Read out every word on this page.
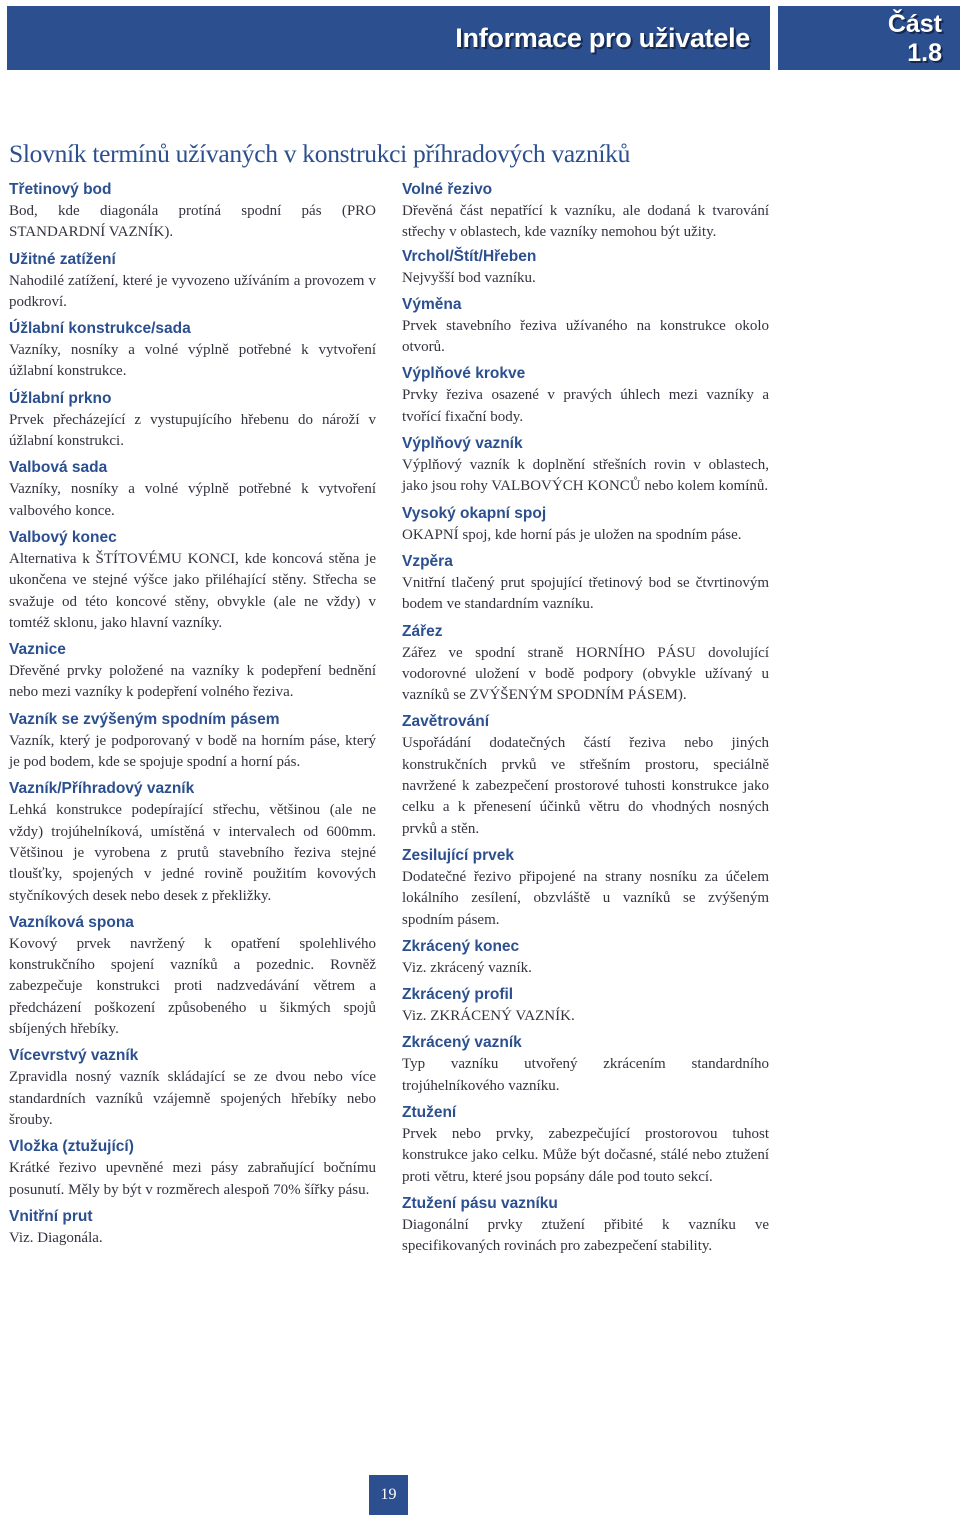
Informace pro uživatele	Část
1.8
Slovník termínů užívaných v konstrukci příhradových vazníků
Třetinový bod

Bod, kde diagonála protíná spodní pás (PRO STANDARDNÍ VAZNÍK).

Užitné zatížení

Nahodilé zatížení, které je vyvozeno užíváním a provozem v podkroví.

Úžlabní konstrukce/sada

Vazníky, nosníky a volné výplně potřebné k vytvoření úžlabní konstrukce.

Úžlabní prkno

Prvek přecházející z vystupujícího hřebenu do nároží v úžlabní konstrukci.

Valbová sada

Vazníky, nosníky a volné výplně potřebné k vytvoření valbového konce.

Valbový konec

Alternativa k ŠTÍTOVÉMU KONCI, kde koncová stěna je ukončena ve stejné výšce jako přiléhající stěny. Střecha se svažuje od této koncové stěny, obvykle (ale ne vždy) v tomtéž sklonu, jako hlavní vazníky.

Vaznice

Dřevěné prvky položené na vazníky k podepření bednění nebo mezi vazníky k podepření volného řeziva.

Vazník se zvýšeným spodním pásem

Vazník, který je podporovaný v bodě na horním páse, který je pod bodem, kde se spojuje spodní a horní pás.

Vazník/Příhradový vazník

Lehká konstrukce podepírající střechu, většinou (ale ne vždy) trojúhelníková, umístěná v intervalech od 600mm. Většinou je vyrobena z prutů stavebního řeziva stejné tloušťky, spojených v jedné rovině použitím kovových styčníkových desek nebo desek z překližky.

Vazníková spona

Kovový prvek navržený k opatření spolehlivého konstrukčního spojení vazníků a pozednic. Rovněž zabezpečuje konstrukci proti nadzvedávání větrem a předcházení poškození způsobeného u šikmých spojů sbíjených hřebíky.

Vícevrstvý vazník

Zpravidla nosný vazník skládající se ze dvou nebo více standardních vazníků vzájemně spojených hřebíky nebo šrouby.

Vložka (ztužující)

Krátké řezivo upevněné mezi pásy zabraňující bočnímu posunutí. Měly by být v rozměrech alespoň 70% šířky pásu.

Vnitřní prut

Viz. Diagonála.

Volné řezivo

Dřevěná část nepatřící k vazníku, ale dodaná k tvarování střechy v oblastech, kde vazníky nemohou být užity.

Vrchol/Štít/Hřeben

Nejvyšší bod vazníku.

Výměna

Prvek stavebního řeziva užívaného na konstrukce okolo otvorů.

Výplňové krokve

Prvky řeziva osazené v pravých úhlech mezi vazníky a tvořící fixační body.

Výplňový vazník

Výplňový vazník k doplnění střešních rovin v oblastech, jako jsou rohy VALBOVÝCH KONCŮ nebo kolem komínů.

Vysoký okapní spoj

OKAPNÍ spoj, kde horní pás je uložen na spodním páse.

Vzpěra

Vnitřní tlačený prut spojující třetinový bod se čtvrtinovým bodem ve standardním vazníku.

Zářez

Zářez ve spodní straně HORNÍHO PÁSU dovolující vodorovné uložení v bodě podpory (obvykle užívaný u vazníků se ZVÝŠENÝM SPODNÍM PÁSEM).

Zavětrování

Uspořádání dodatečných částí řeziva nebo jiných konstrukčních prvků ve střešním prostoru, speciálně navržené k zabezpečení prostorové tuhosti konstrukce jako celku a k přenesení účinků větru do vhodných nosných prvků a stěn.

Zesilující prvek

Dodatečné řezivo připojené na strany nosníku za účelem lokálního zesílení, obzvláště u vazníků se zvýšeným spodním pásem.

Zkrácený konec

Viz. zkrácený vazník.

Zkrácený profil

Viz. ZKRÁCENÝ VAZNÍK.

Zkrácený vazník

Typ vazníku utvořený zkrácením standardního trojúhelníkového vazníku.

Ztužení

Prvek nebo prvky, zabezpečující prostorovou tuhost konstrukce jako celku. Může být dočasné, stálé nebo ztužení proti větru, které jsou popsány dále pod touto sekcí.

Ztužení pásu vazníku

Diagonální prvky ztužení přibité k vazníku ve specifikovaných rovinách pro zabezpečení stability.

19
